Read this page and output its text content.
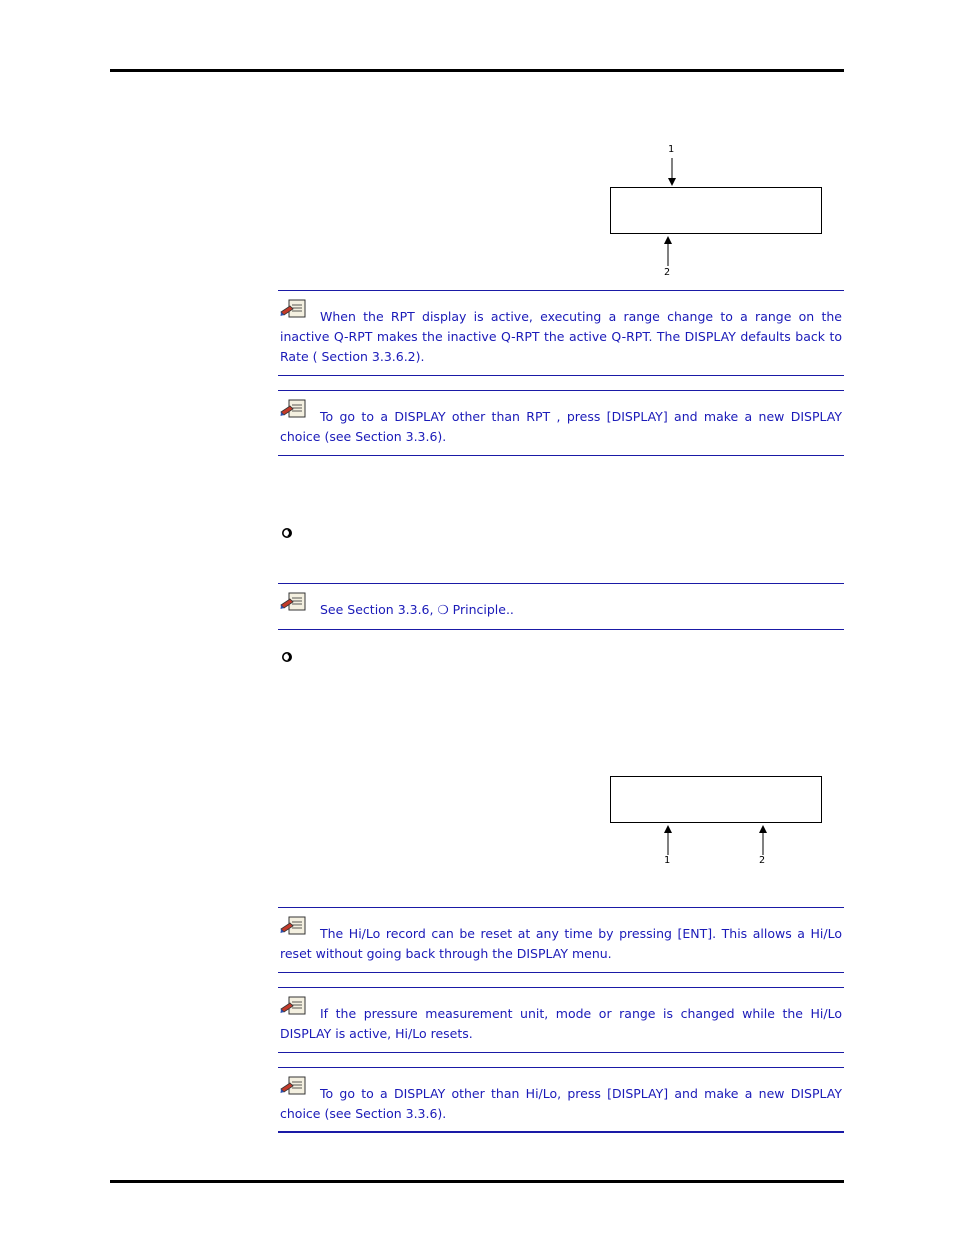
1
2
1	2
When the RPT display is active, executing a range change to a range on the inactive Q-RPT makes the inactive Q-RPT the active Q-RPT. The DISPLAY defaults back to Rate ( Section 3.3.6.2).
To go to a DISPLAY other than RPT , press [DISPLAY] and make a new DISPLAY choice (see Section 3.3.6).
See Section 3.3.6, ❍ Principle..
The Hi/Lo record can be reset at any time by pressing [ENT]. This allows a Hi/Lo reset without going back through the DISPLAY menu.
If the pressure measurement unit, mode or range is changed while the Hi/Lo DISPLAY is active, Hi/Lo resets.
To go to a DISPLAY other than Hi/Lo, press [DISPLAY] and make a new DISPLAY choice (see Section 3.3.6).
